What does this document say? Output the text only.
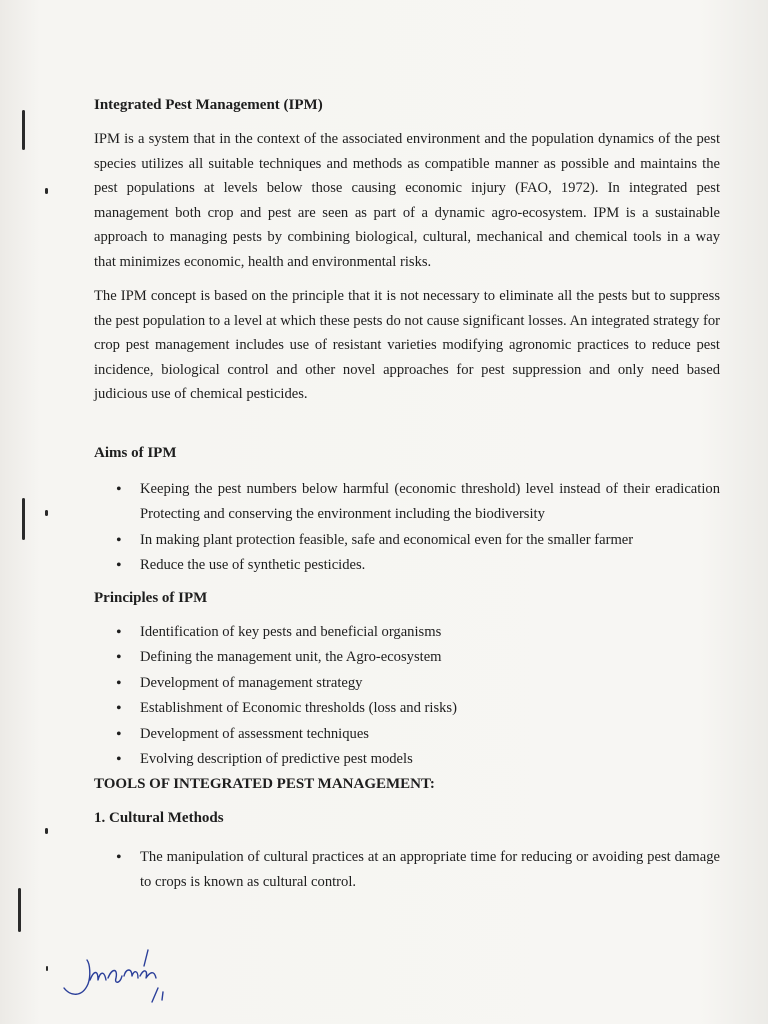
Integrated Pest Management (IPM)

IPM is a system that in the context of the associated environment and the population dynamics of the pest species utilizes all suitable techniques and methods as compatible manner as possible and maintains the pest populations at levels below those causing economic injury (FAO, 1972). In integrated pest management both crop and pest are seen as part of a dynamic agro-ecosystem. IPM is a sustainable approach to managing pests by combining biological, cultural, mechanical and chemical tools in a way that minimizes economic, health and environmental risks.

The IPM concept is based on the principle that it is not necessary to eliminate all the pests but to suppress the pest population to a level at which these pests do not cause significant losses. An integrated strategy for crop pest management includes use of resistant varieties modifying agronomic practices to reduce pest incidence, biological control and other novel approaches for pest suppression and only need based judicious use of chemical pesticides.

Aims of IPM
• Keeping the pest numbers below harmful (economic threshold) level instead of their eradication Protecting and conserving the environment including the biodiversity
• In making plant protection feasible, safe and economical even for the smaller farmer
• Reduce the use of synthetic pesticides.
Principles of IPM
• Identification of key pests and beneficial organisms
• Defining the management unit, the Agro-ecosystem
• Development of management strategy
• Establishment of Economic thresholds (loss and risks)
• Development of assessment techniques
• Evolving description of predictive pest models
TOOLS OF INTEGRATED PEST MANAGEMENT:
1. Cultural Methods
• The manipulation of cultural practices at an appropriate time for reducing or avoiding pest damage to crops is known as cultural control.
